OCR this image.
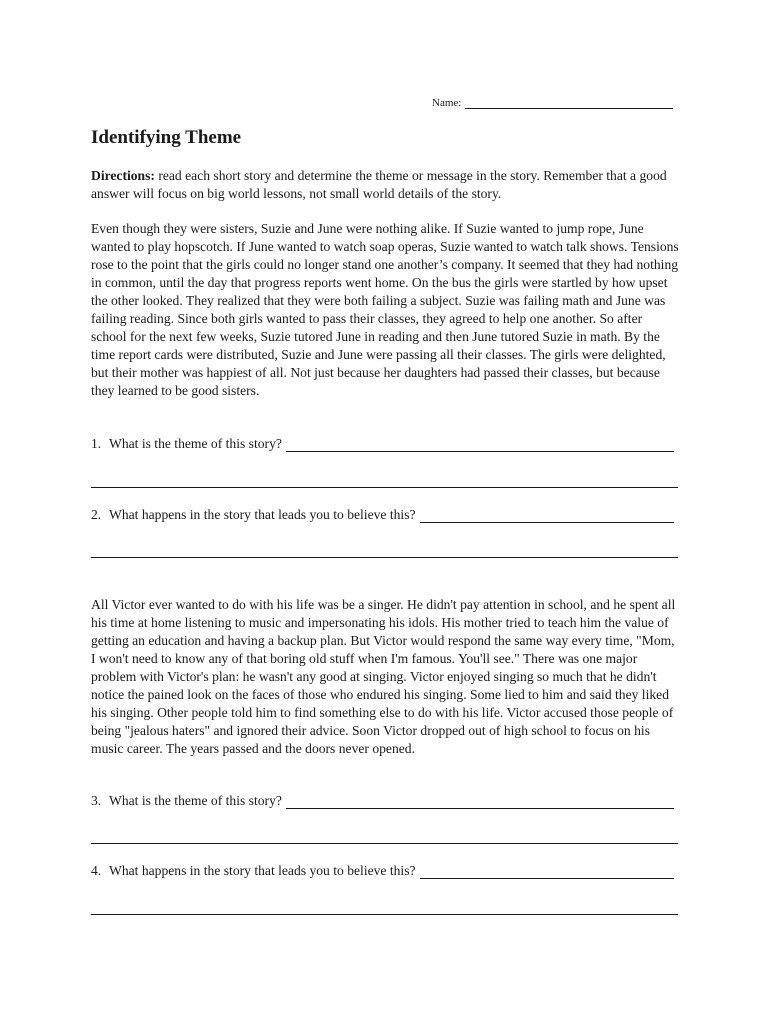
Name:
Identifying Theme

Directions: read each short story and determine the theme or message in the story. Remember that a good answer will focus on big world lessons, not small world details of the story.

Even though they were sisters, Suzie and June were nothing alike. If Suzie wanted to jump rope, June wanted to play hopscotch. If June wanted to watch soap operas, Suzie wanted to watch talk shows. Tensions rose to the point that the girls could no longer stand one another’s company. It seemed that they had nothing in common, until the day that progress reports went home. On the bus the girls were startled by how upset the other looked. They realized that they were both failing a subject. Suzie was failing math and June was failing reading. Since both girls wanted to pass their classes, they agreed to help one another. So after school for the next few weeks, Suzie tutored June in reading and then June tutored Suzie in math. By the time report cards were distributed, Suzie and June were passing all their classes. The girls were delighted, but their mother was happiest of all. Not just because her daughters had passed their classes, but because they learned to be good sisters.

1. What is the theme of this story?
2. What happens in the story that leads you to believe this?

All Victor ever wanted to do with his life was be a singer. He didn't pay attention in school, and he spent all his time at home listening to music and impersonating his idols. His mother tried to teach him the value of getting an education and having a backup plan. But Victor would respond the same way every time, "Mom, I won't need to know any of that boring old stuff when I'm famous. You'll see." There was one major problem with Victor's plan: he wasn't any good at singing. Victor enjoyed singing so much that he didn't notice the pained look on the faces of those who endured his singing. Some lied to him and said they liked his singing. Other people told him to find something else to do with his life. Victor accused those people of being "jealous haters" and ignored their advice. Soon Victor dropped out of high school to focus on his music career. The years passed and the doors never opened.

3. What is the theme of this story?
4. What happens in the story that leads you to believe this?
